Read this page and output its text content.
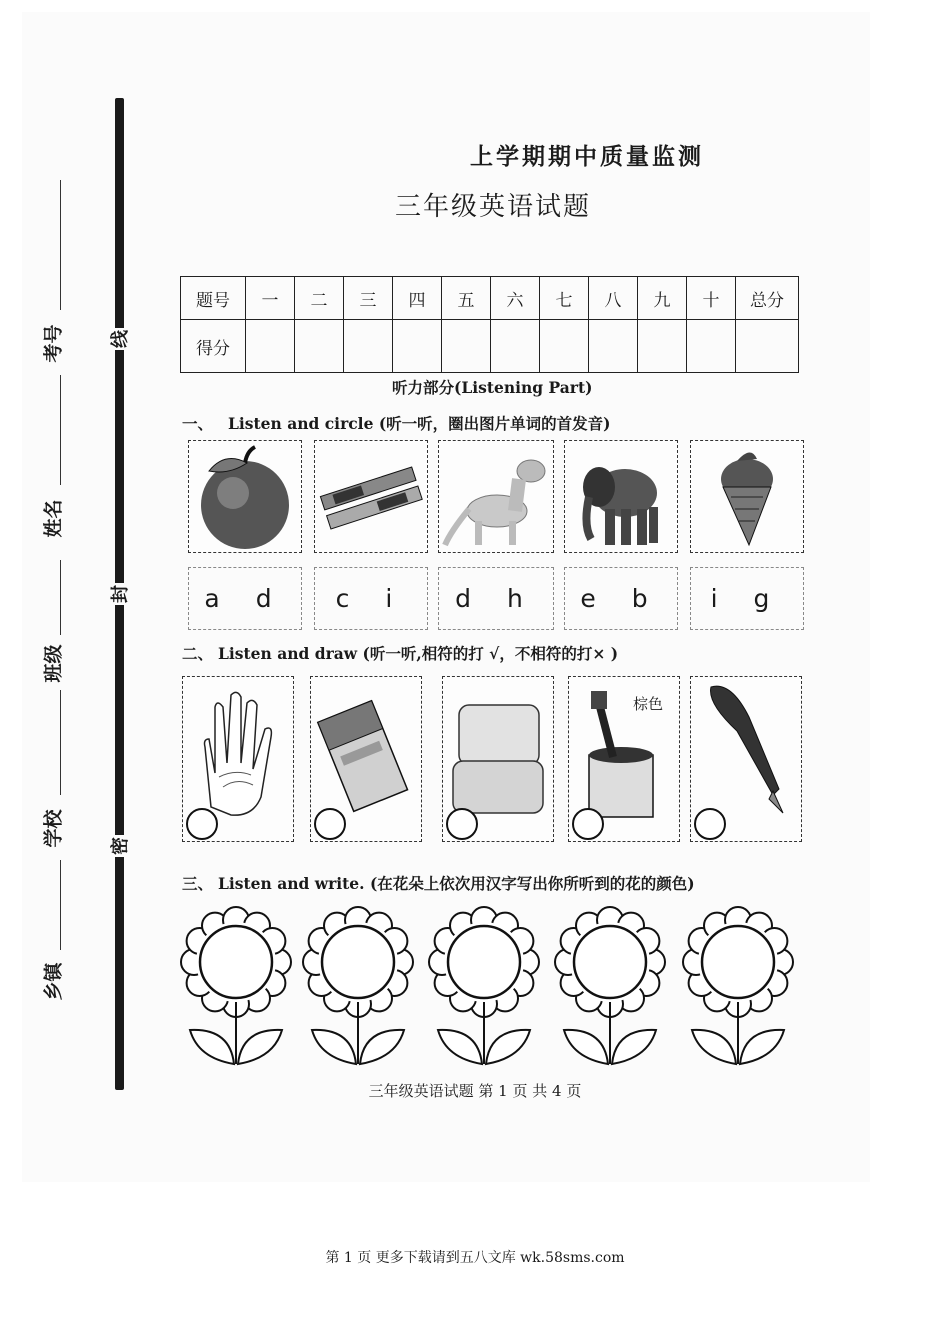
考号
姓名
班级
学校
乡镇
线
封
密
上学期期中质量监测
三年级英语试题
题号	一	二	三	四	五	六	七	八	九	十	总分
得分											
听力部分(Listening Part)
一、 Listen and circle (听一听，圈出图片单词的首发音)
a d	c i	d h	e b	i g
二、 Listen and draw (听一听,相符的打 √，不相符的打× )
棕色
三、 Listen and write. (在花朵上依次用汉字写出你所听到的花的颜色)
三年级英语试题 第 1 页 共 4 页
第 1 页 更多下载请到五八文库 wk.58sms.com
